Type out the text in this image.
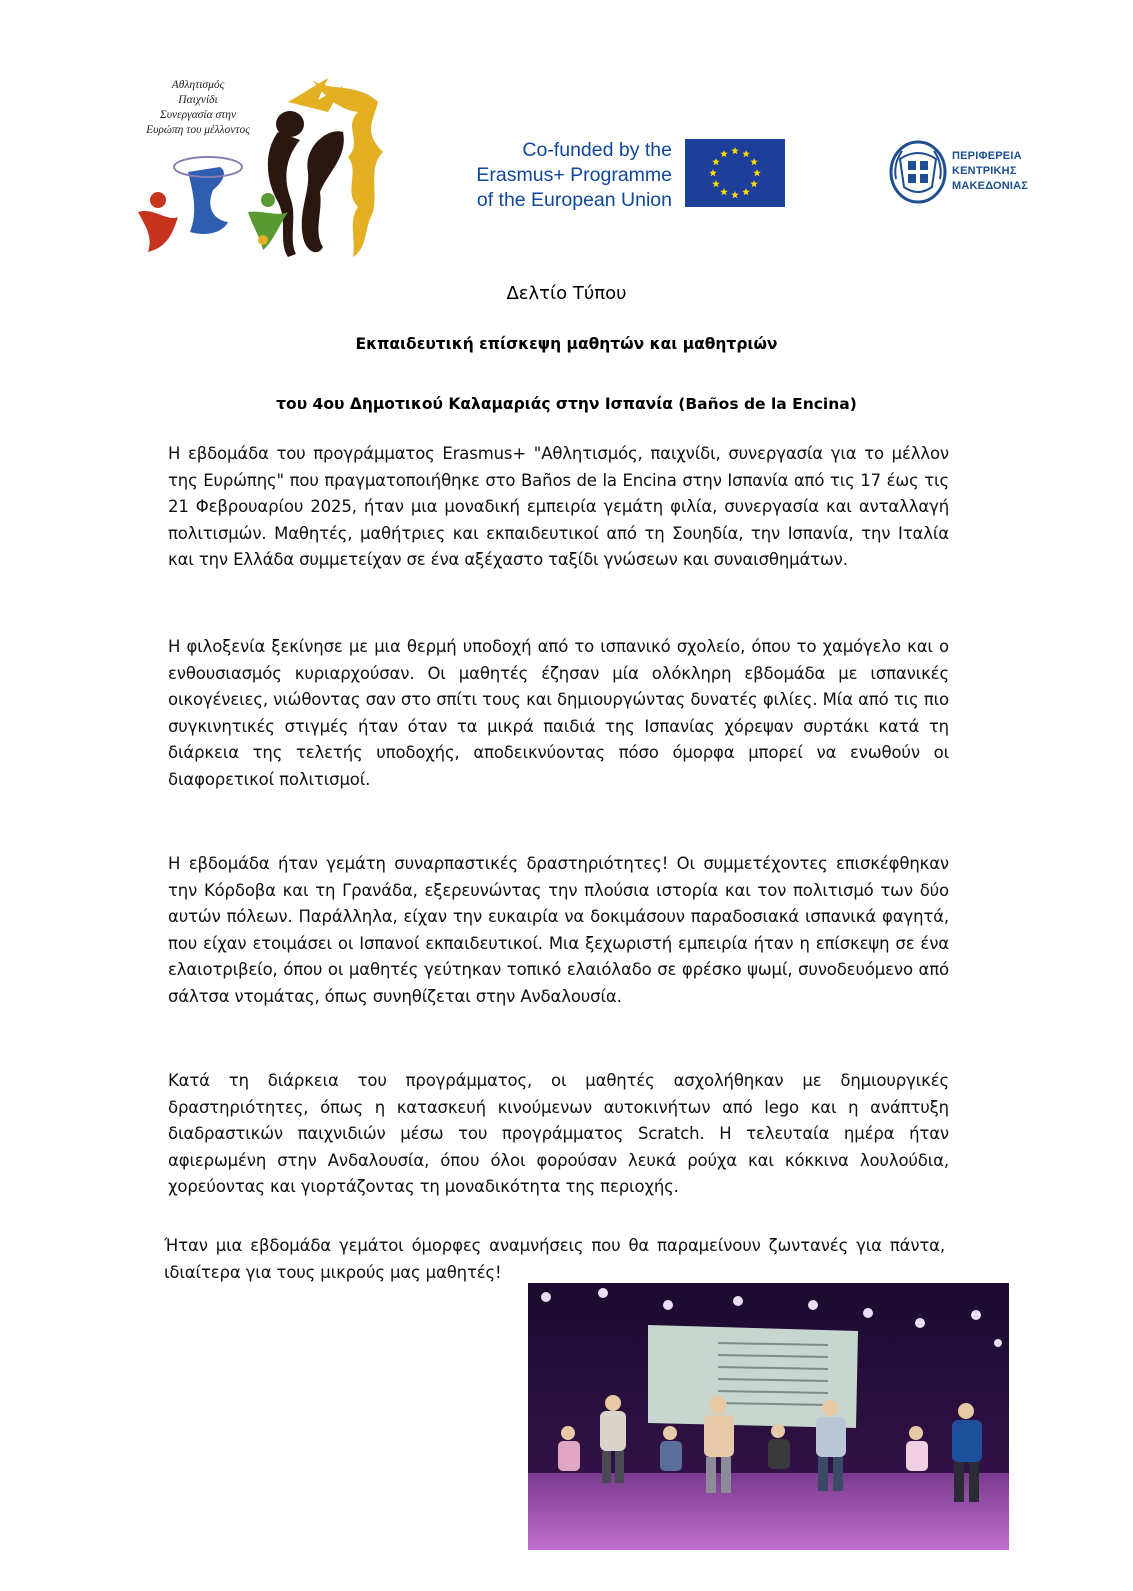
Αθλητισμός
Παιχνίδι
Συνεργασία στην
Ευρώπη του μέλλοντος
Co-funded by the
Erasmus+ Programme
of the European Union
ΠΕΡΙΦΕΡΕΙΑ
ΚΕΝΤΡΙΚΗΣ
ΜΑΚΕΔΟΝΙΑΣ
Δελτίο Τύπου
Εκπαιδευτική επίσκεψη μαθητών και μαθητριών
του 4ου Δημοτικού Καλαμαριάς στην Ισπανία (Baños de la Encina)
Η εβδομάδα του προγράμματος Erasmus+ "Αθλητισμός, παιχνίδι, συνεργασία για το μέλλον της Ευρώπης" που πραγματοποιήθηκε στο Baños de la Encina στην Ισπανία από τις 17 έως τις 21 Φεβρουαρίου 2025, ήταν μια μοναδική εμπειρία γεμάτη φιλία, συνεργασία και ανταλλαγή πολιτισμών. Μαθητές, μαθήτριες και εκπαιδευτικοί από τη Σουηδία, την Ισπανία, την Ιταλία και την Ελλάδα συμμετείχαν σε ένα αξέχαστο ταξίδι γνώσεων και συναισθημάτων.
Η φιλοξενία ξεκίνησε με μια θερμή υποδοχή από το ισπανικό σχολείο, όπου το χαμόγελο και ο ενθουσιασμός κυριαρχούσαν. Οι μαθητές έζησαν μία ολόκληρη εβδομάδα με ισπανικές οικογένειες, νιώθοντας σαν στο σπίτι τους και δημιουργώντας δυνατές φιλίες. Μία από τις πιο συγκινητικές στιγμές ήταν όταν τα μικρά παιδιά της Ισπανίας χόρεψαν συρτάκι κατά τη διάρκεια της τελετής υποδοχής, αποδεικνύοντας πόσο όμορφα μπορεί να ενωθούν οι διαφορετικοί πολιτισμοί.
Η εβδομάδα ήταν γεμάτη συναρπαστικές δραστηριότητες! Οι συμμετέχοντες επισκέφθηκαν την Κόρδοβα και τη Γρανάδα, εξερευνώντας την πλούσια ιστορία και τον πολιτισμό των δύο αυτών πόλεων. Παράλληλα, είχαν την ευκαιρία να δοκιμάσουν παραδοσιακά ισπανικά φαγητά, που είχαν ετοιμάσει οι Ισπανοί εκπαιδευτικοί. Μια ξεχωριστή εμπειρία ήταν η επίσκεψη σε ένα ελαιοτριβείο, όπου οι μαθητές γεύτηκαν τοπικό ελαιόλαδο σε φρέσκο ψωμί, συνοδευόμενο από σάλτσα ντομάτας, όπως συνηθίζεται στην Ανδαλουσία.
Κατά τη διάρκεια του προγράμματος, οι μαθητές ασχολήθηκαν με δημιουργικές δραστηριότητες, όπως η κατασκευή κινούμενων αυτοκινήτων από lego και η ανάπτυξη διαδραστικών παιχνιδιών μέσω του προγράμματος Scratch. Η τελευταία ημέρα ήταν αφιερωμένη στην Ανδαλουσία, όπου όλοι φορούσαν λευκά ρούχα και κόκκινα λουλούδια, χορεύοντας και γιορτάζοντας τη μοναδικότητα της περιοχής.
Ήταν μια εβδομάδα γεμάτοι όμορφες αναμνήσεις που θα παραμείνουν ζωντανές για πάντα, ιδιαίτερα για τους μικρούς μας μαθητές!
